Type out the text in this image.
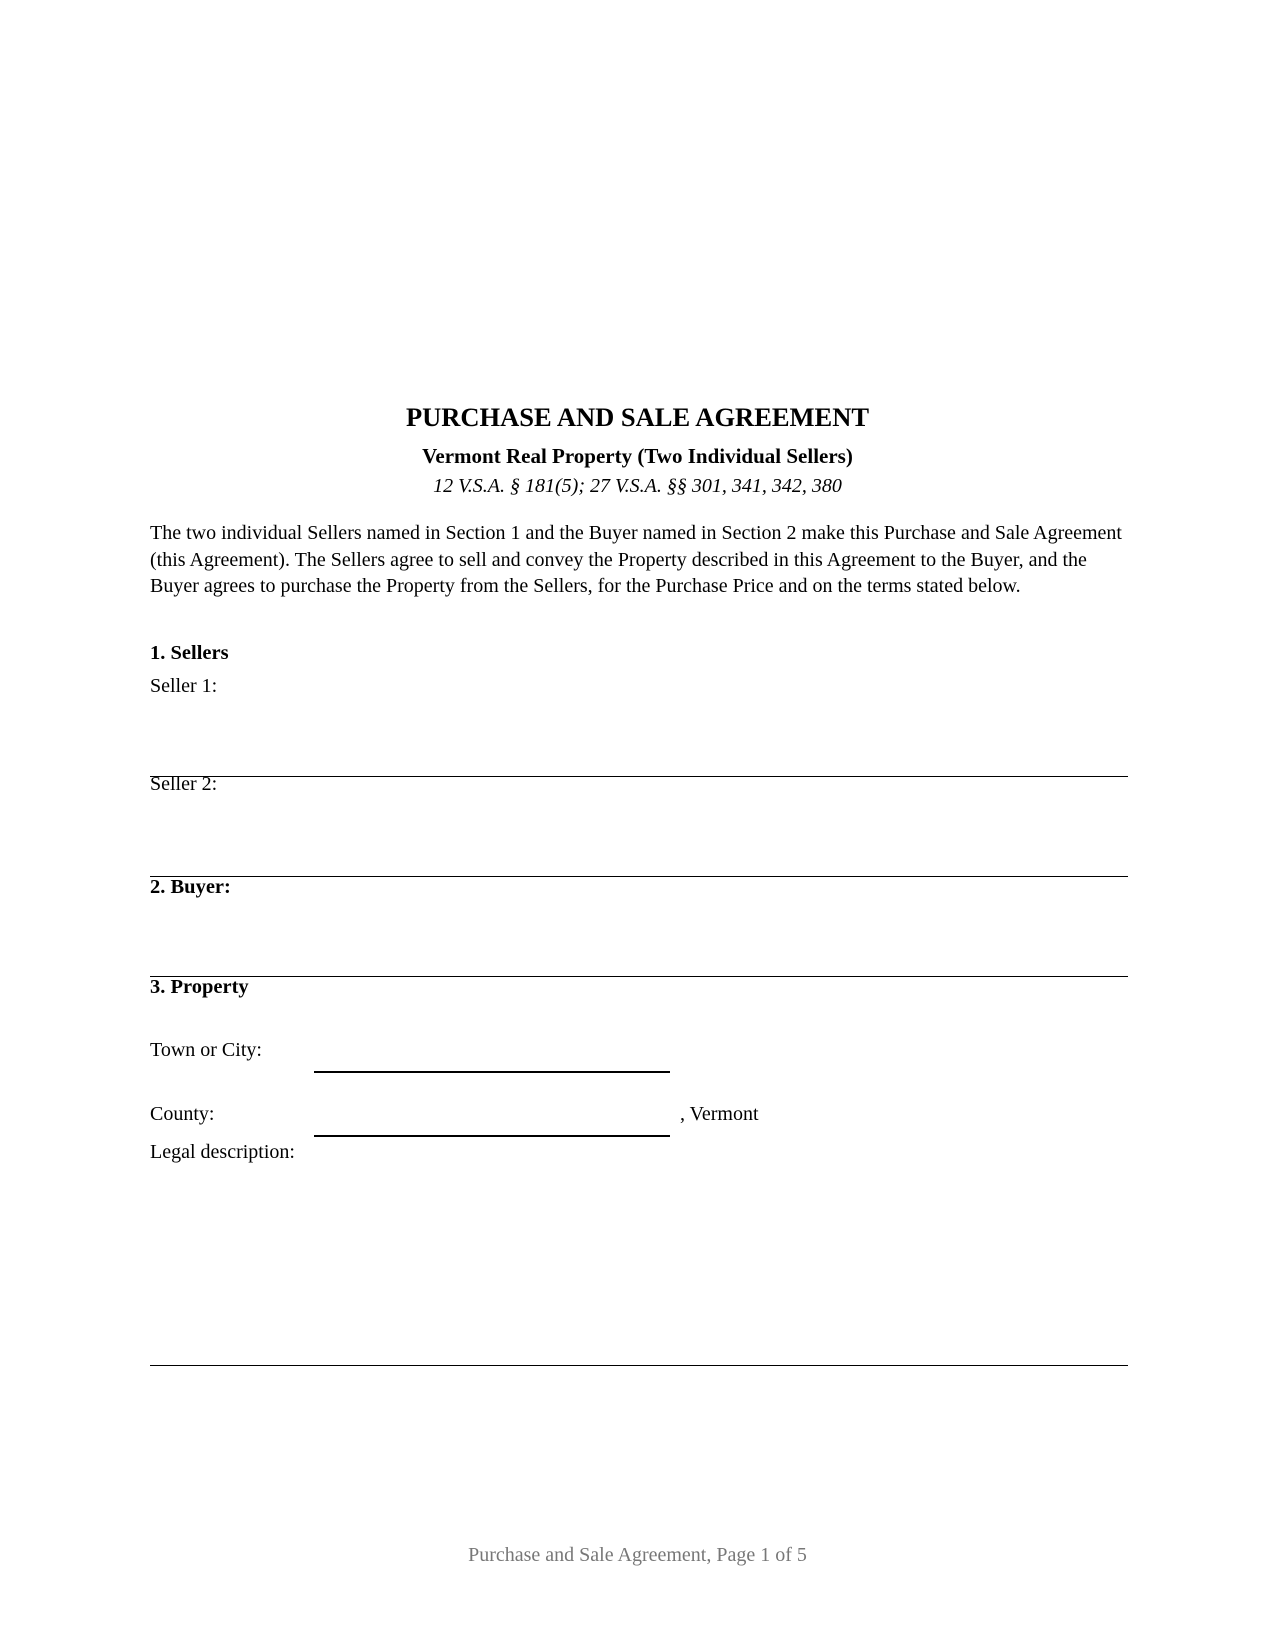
PURCHASE AND SALE AGREEMENT
Vermont Real Property (Two Individual Sellers)
12 V.S.A. § 181(5); 27 V.S.A. §§ 301, 341, 342, 380

The two individual Sellers named in Section 1 and the Buyer named in Section 2 make this Purchase and Sale Agreement (this Agreement). The Sellers agree to sell and convey the Property described in this Agreement to the Buyer, and the Buyer agrees to purchase the Property from the Sellers, for the Purchase Price and on the terms stated below.

1. Sellers
Seller 1:
Seller 2:
2. Buyer:
3. Property
Town or City:
County:	, Vermont
Legal description:
Purchase and Sale Agreement, Page 1 of 5
